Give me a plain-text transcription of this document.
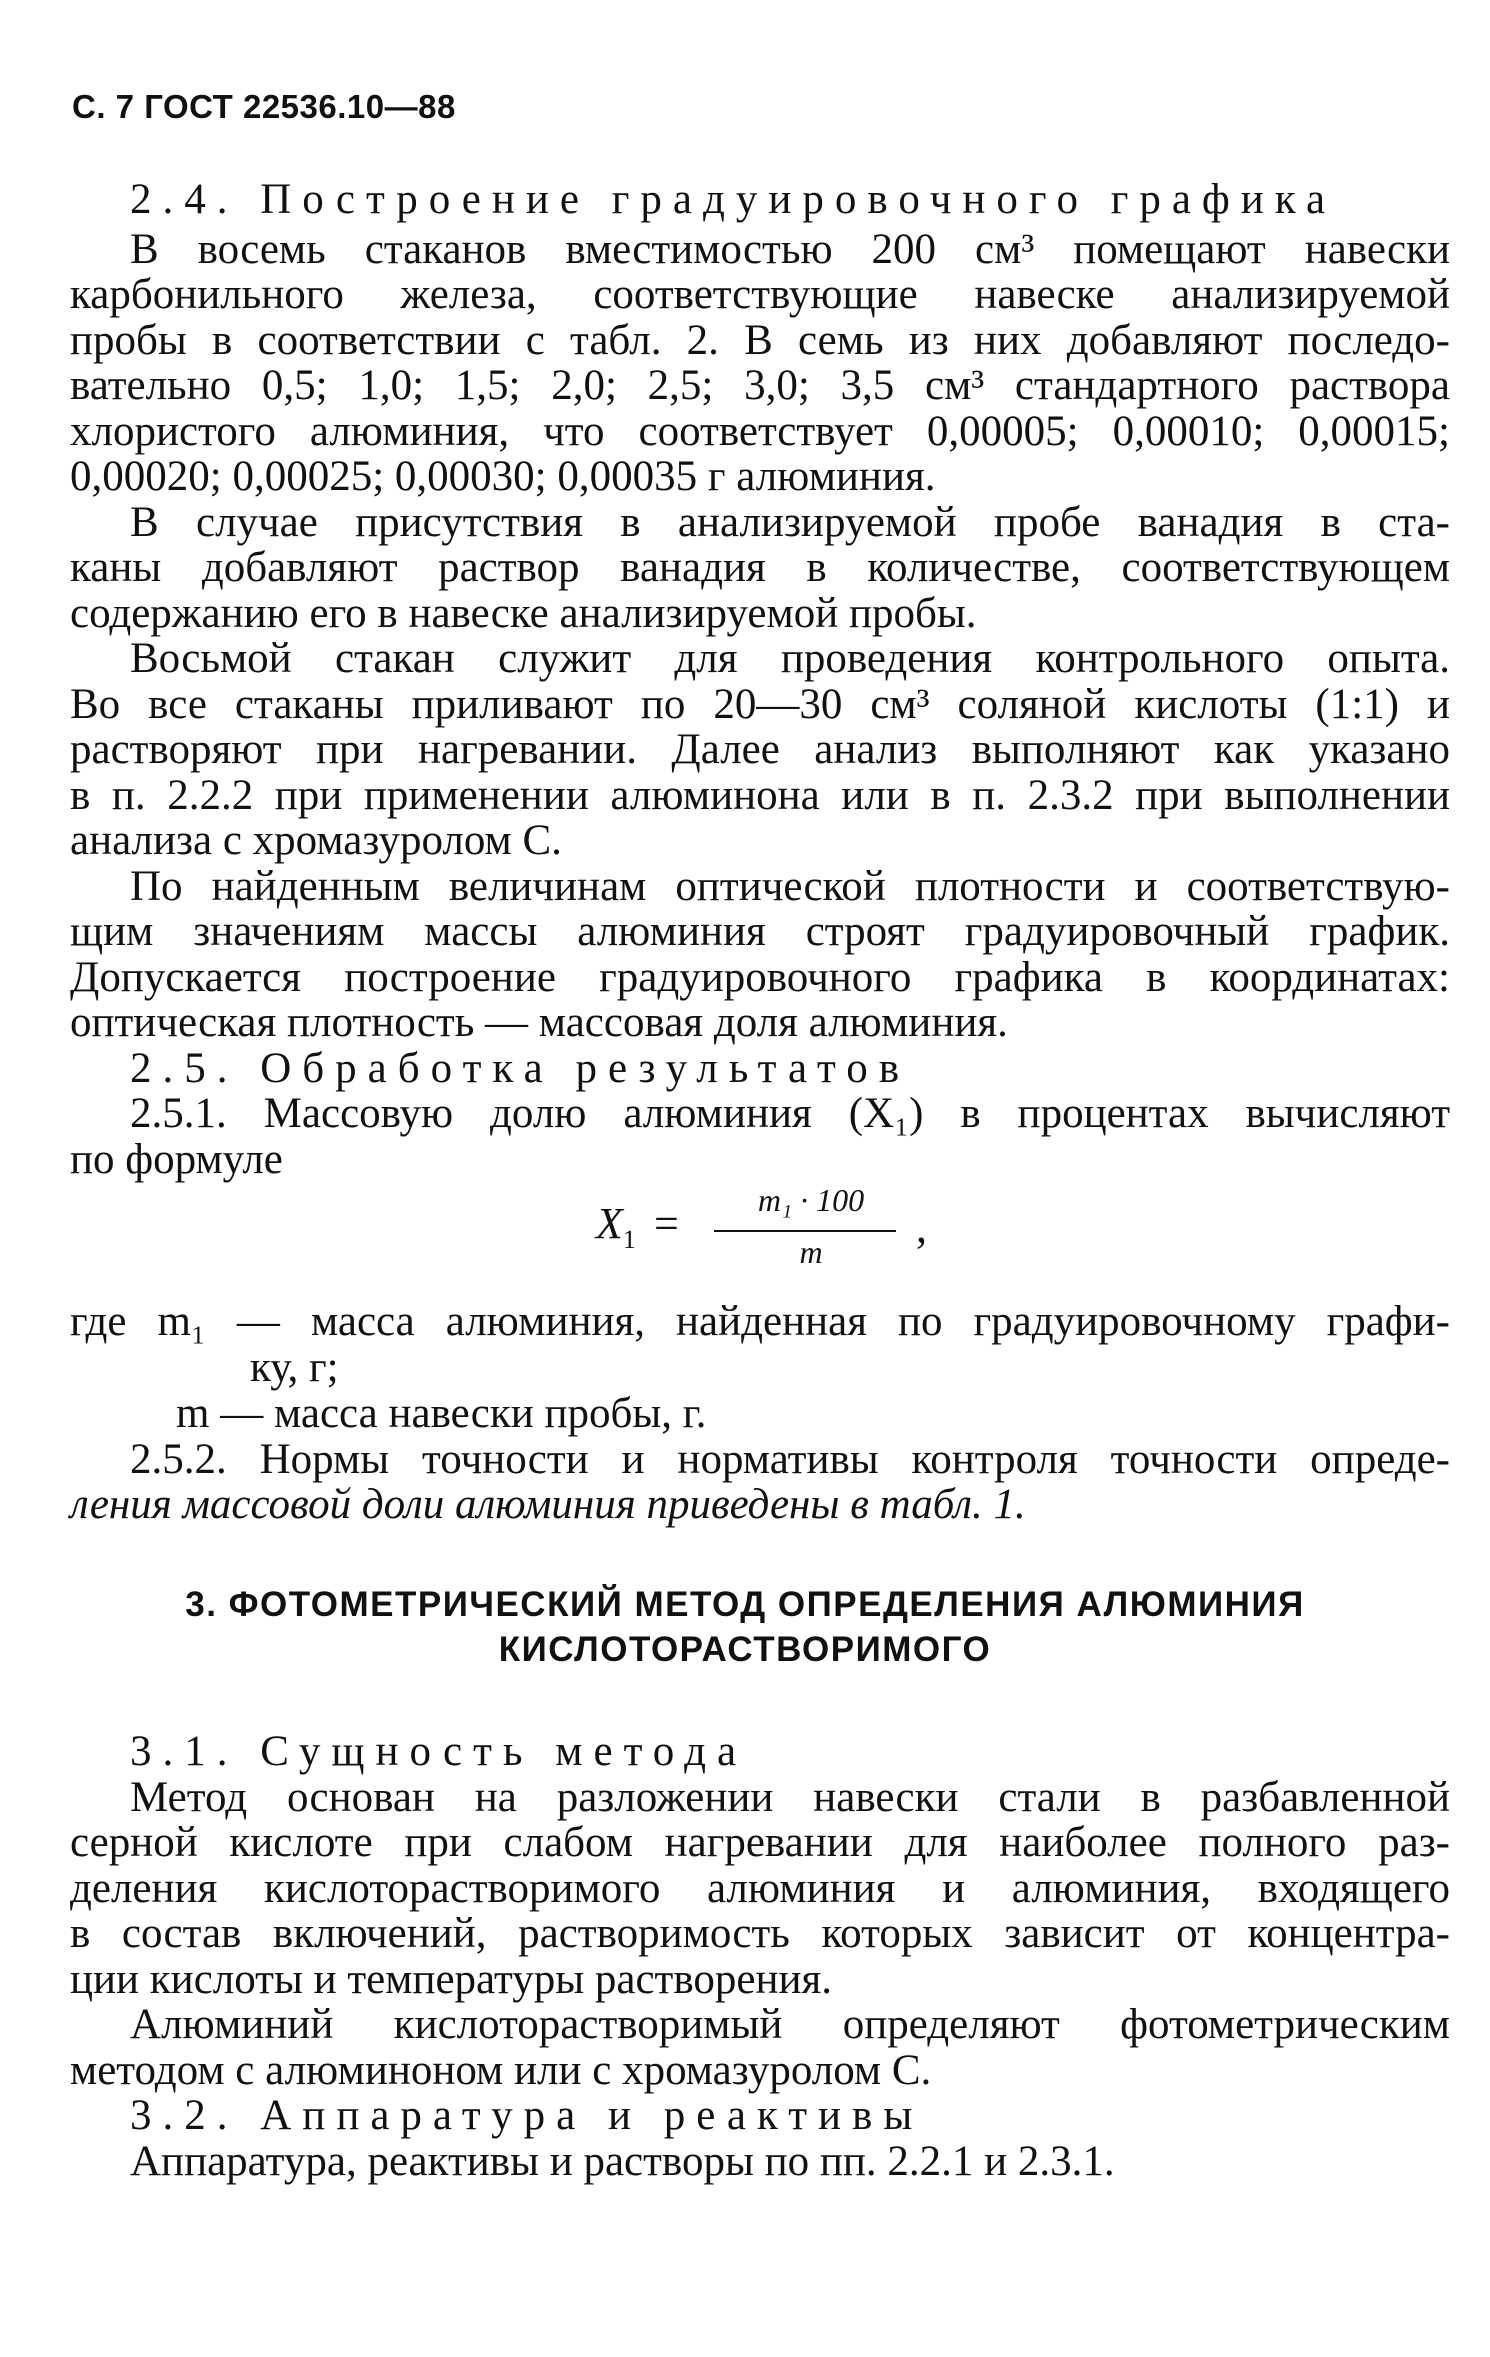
С. 7 ГОСТ 22536.10—88
2.4. Построение градуировочного графика
В восемь стаканов вместимостью 200 см³ помещают навески
карбонильного железа, соответствующие навеске анализируемой
пробы в соответствии с табл. 2. В семь из них добавляют последо-
вательно 0,5; 1,0; 1,5; 2,0; 2,5; 3,0; 3,5 см³ стандартного раствора
хлористого алюминия, что соответствует 0,00005; 0,00010; 0,00015;
0,00020; 0,00025; 0,00030; 0,00035 г алюминия.
В случае присутствия в анализируемой пробе ванадия в ста-
каны добавляют раствор ванадия в количестве, соответствующем
содержанию его в навеске анализируемой пробы.
Восьмой стакан служит для проведения контрольного опыта.
Во все стаканы приливают по 20—30 см³ соляной кислоты (1:1) и
растворяют при нагревании. Далее анализ выполняют как указано
в п. 2.2.2 при применении алюминона или в п. 2.3.2 при выполнении
анализа с хромазуролом С.
По найденным величинам оптической плотности и соответствую-
щим значениям массы алюминия строят градуировочный график.
Допускается построение градуировочного графика в координатах:
оптическая плотность — массовая доля алюминия.
2.5. Обработка результатов
2.5.1. Массовую долю алюминия (X₁) в процентах вычисляют
по формуле
$X_1$ =	m₁ · 100
m	,
где m₁ — масса алюминия, найденная по градуировочному графи-
ку, г;
m — масса навески пробы, г.
2.5.2. Нормы точности и нормативы контроля точности опреде-
ления массовой доли алюминия приведены в табл. 1.
3. ФОТОМЕТРИЧЕСКИЙ МЕТОД ОПРЕДЕЛЕНИЯ АЛЮМИНИЯ
КИСЛОТОРАСТВОРИМОГО
3.1. Сущность метода
Метод основан на разложении навески стали в разбавленной
серной кислоте при слабом нагревании для наиболее полного раз-
деления кислоторастворимого алюминия и алюминия, входящего
в состав включений, растворимость которых зависит от концентра-
ции кислоты и температуры растворения.
Алюминий кислоторастворимый определяют фотометрическим
методом с алюминоном или с хромазуролом С.
3.2. Аппаратура и реактивы
Аппаратура, реактивы и растворы по пп. 2.2.1 и 2.3.1.
